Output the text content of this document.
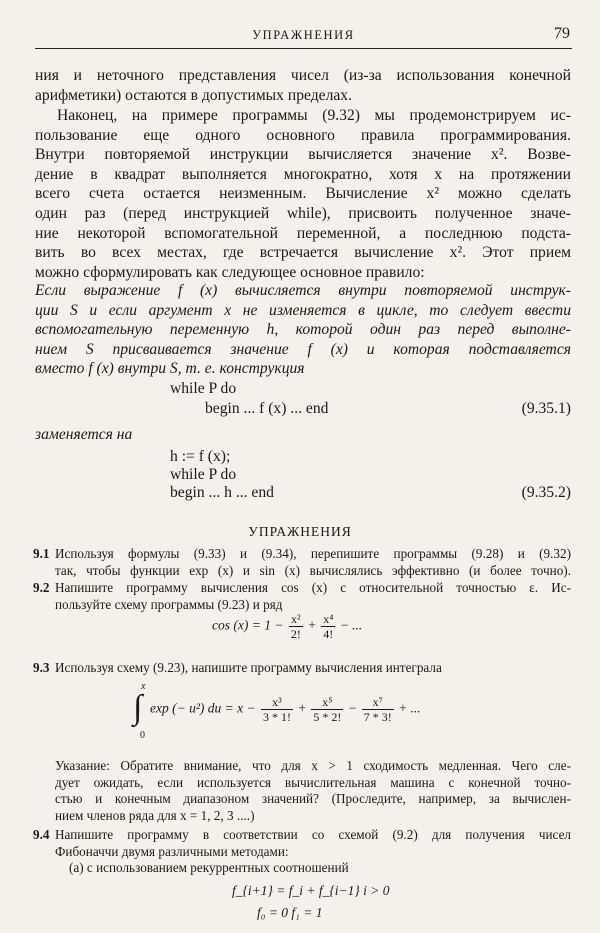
УПРАЖНЕНИЯ	79
ния и неточного представления чисел (из-за использования конечной
арифметики) остаются в допустимых пределах.
Наконец, на примере программы (9.32) мы продемонстрируем ис-
пользование еще одного основного правила программирования.
Внутри повторяемой инструкции вычисляется значение x². Возве-
дение в квадрат выполняется многократно, хотя x на протяжении
всего счета остается неизменным. Вычисление x² можно сделать
один раз (перед инструкцией while), присвоить полученное значе-
ние некоторой вспомогательной переменной, а последнюю подста-
вить во всех местах, где встречается вычисление x². Этот прием
можно сформулировать как следующее основное правило:
Если выражение f (x) вычисляется внутри повторяемой инструк-
ции S и если аргумент x не изменяется в цикле, то следует ввести
вспомогательную переменную h, которой один раз перед выполне-
нием S присваивается значение f (x) и которая подставляется
вместо f (x) внутри S, т. е. конструкция
while P do
begin ... f (x) ... end	(9.35.1)
заменяется на
h := f (x);
while P do
begin ... h ... end	(9.35.2)
УПРАЖНЕНИЯ
9.1 Используя формулы (9.33) и (9.34), перепишите программы (9.28) и (9.32)
так, чтобы функции exp (x) и sin (x) вычислялись эффективно (и более точно).
9.2 Напишите программу вычисления cos (x) с относительной точностью ε. Ис-
пользуйте схему программы (9.23) и ряд
$\cos (x) = 1 - \frac{\text{x²}}{2!} + \frac{\text{x⁴}}{4!}$ − ...
9.3 Используя схему (9.23), напишите программу вычисления интеграла
x
∫
0
exp (− u²) du = $x - \frac{\text{x³}}{3 * 1!} + \frac{\text{x⁵}}{5 * 2!} - \frac{\text{x⁷}}{7 * 3!}$ + ...
Указание: Обратите внимание, что для x > 1 сходимость медленная. Чего сле-
дует ожидать, если используется вычислительная машина с конечной точно-
стью и конечным диапазоном значений? (Проследите, например, за вычислен-
нием членов ряда для x = 1, 2, 3 ....)
9.4 Напишите программу в соответствии со схемой (9.2) для получения чисел
Фибоначчи двумя различными методами:
(а) с использованием рекуррентных соотношений
f_{i+1} = f_i + f_{i−1} i > 0
f₀ = 0 f₁ = 1
